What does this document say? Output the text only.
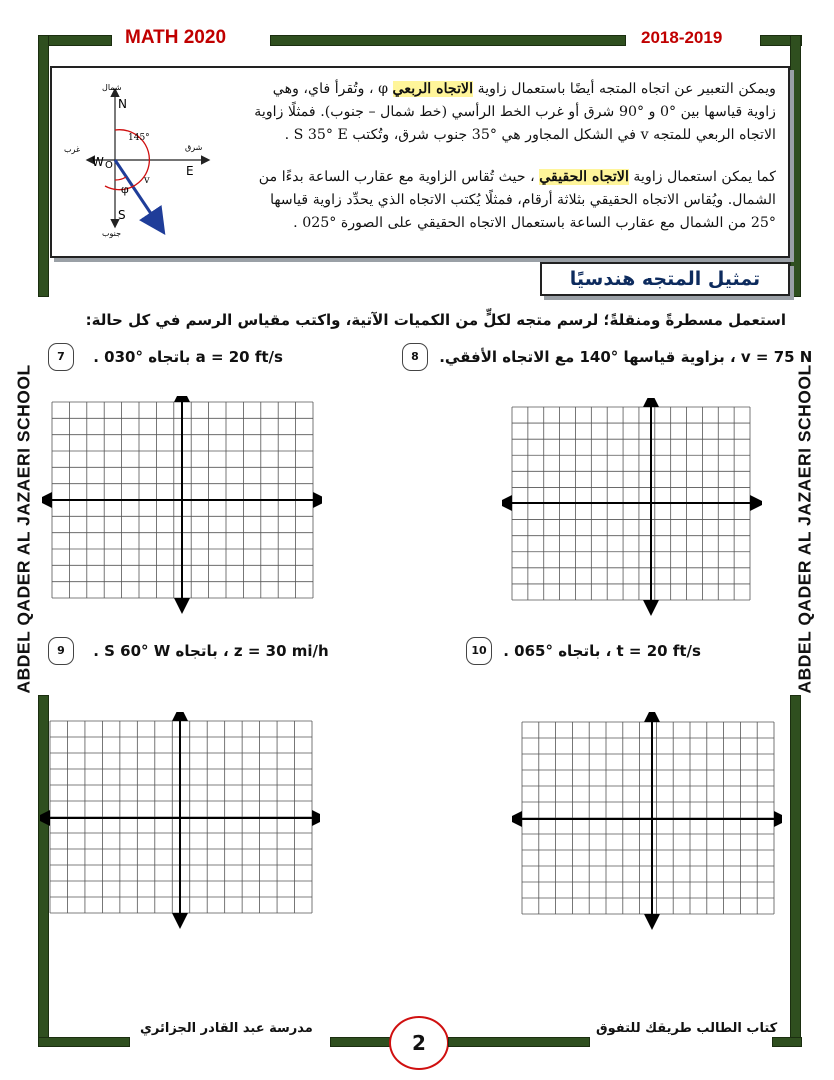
MATH 2020	2018-2019
ABDEL QADER AL JAZAERI SCHOOL	ABDEL QADER AL JAZAERI SCHOOL
N
شمال
S
جنوب
E
شرق
W
غرب
O
145°
φ
v
ويمكن التعبير عن اتجاه المتجه أيضًا باستعمال زاوية الاتجاه الربعي φ ، وتُقرأ فاي، وهي زاوية قياسها بين °0 و °90 شرق أو غرب الخط الرأسي (خط شمال – جنوب). فمثلًا زاوية الاتجاه الربعي للمتجه v في الشكل المجاور هي °35 جنوب شرق، وتُكتب S 35° E .
كما يمكن استعمال زاوية الاتجاه الحقيقي ، حيث تُقاس الزاوية مع عقارب الساعة بدءًا من الشمال. ويُقاس الاتجاه الحقيقي بثلاثة أرقام، فمثلًا يُكتب الاتجاه الذي يحدِّد زاوية قياسها °25 من الشمال مع عقارب الساعة باستعمال الاتجاه الحقيقي على الصورة °025 .
تمثيل المتجه هندسيًا
استعمل مسطرةً ومنقلةً؛ لرسم متجه لكلٍّ من الكميات الآتية، واكتب مقياس الرسم في كل حالة:
7 a = 20 ft/s باتجاه °030 .	8 v = 75 N ، بزاوية قياسها °140 مع الاتجاه الأفقي.
9 z = 30 mi/h ، باتجاه S 60° W .	10 t = 20 ft/s ، باتجاه °065 .
مدرسة عبد القادر الجزائري
2
كتاب الطالب طريقك للتفوق
